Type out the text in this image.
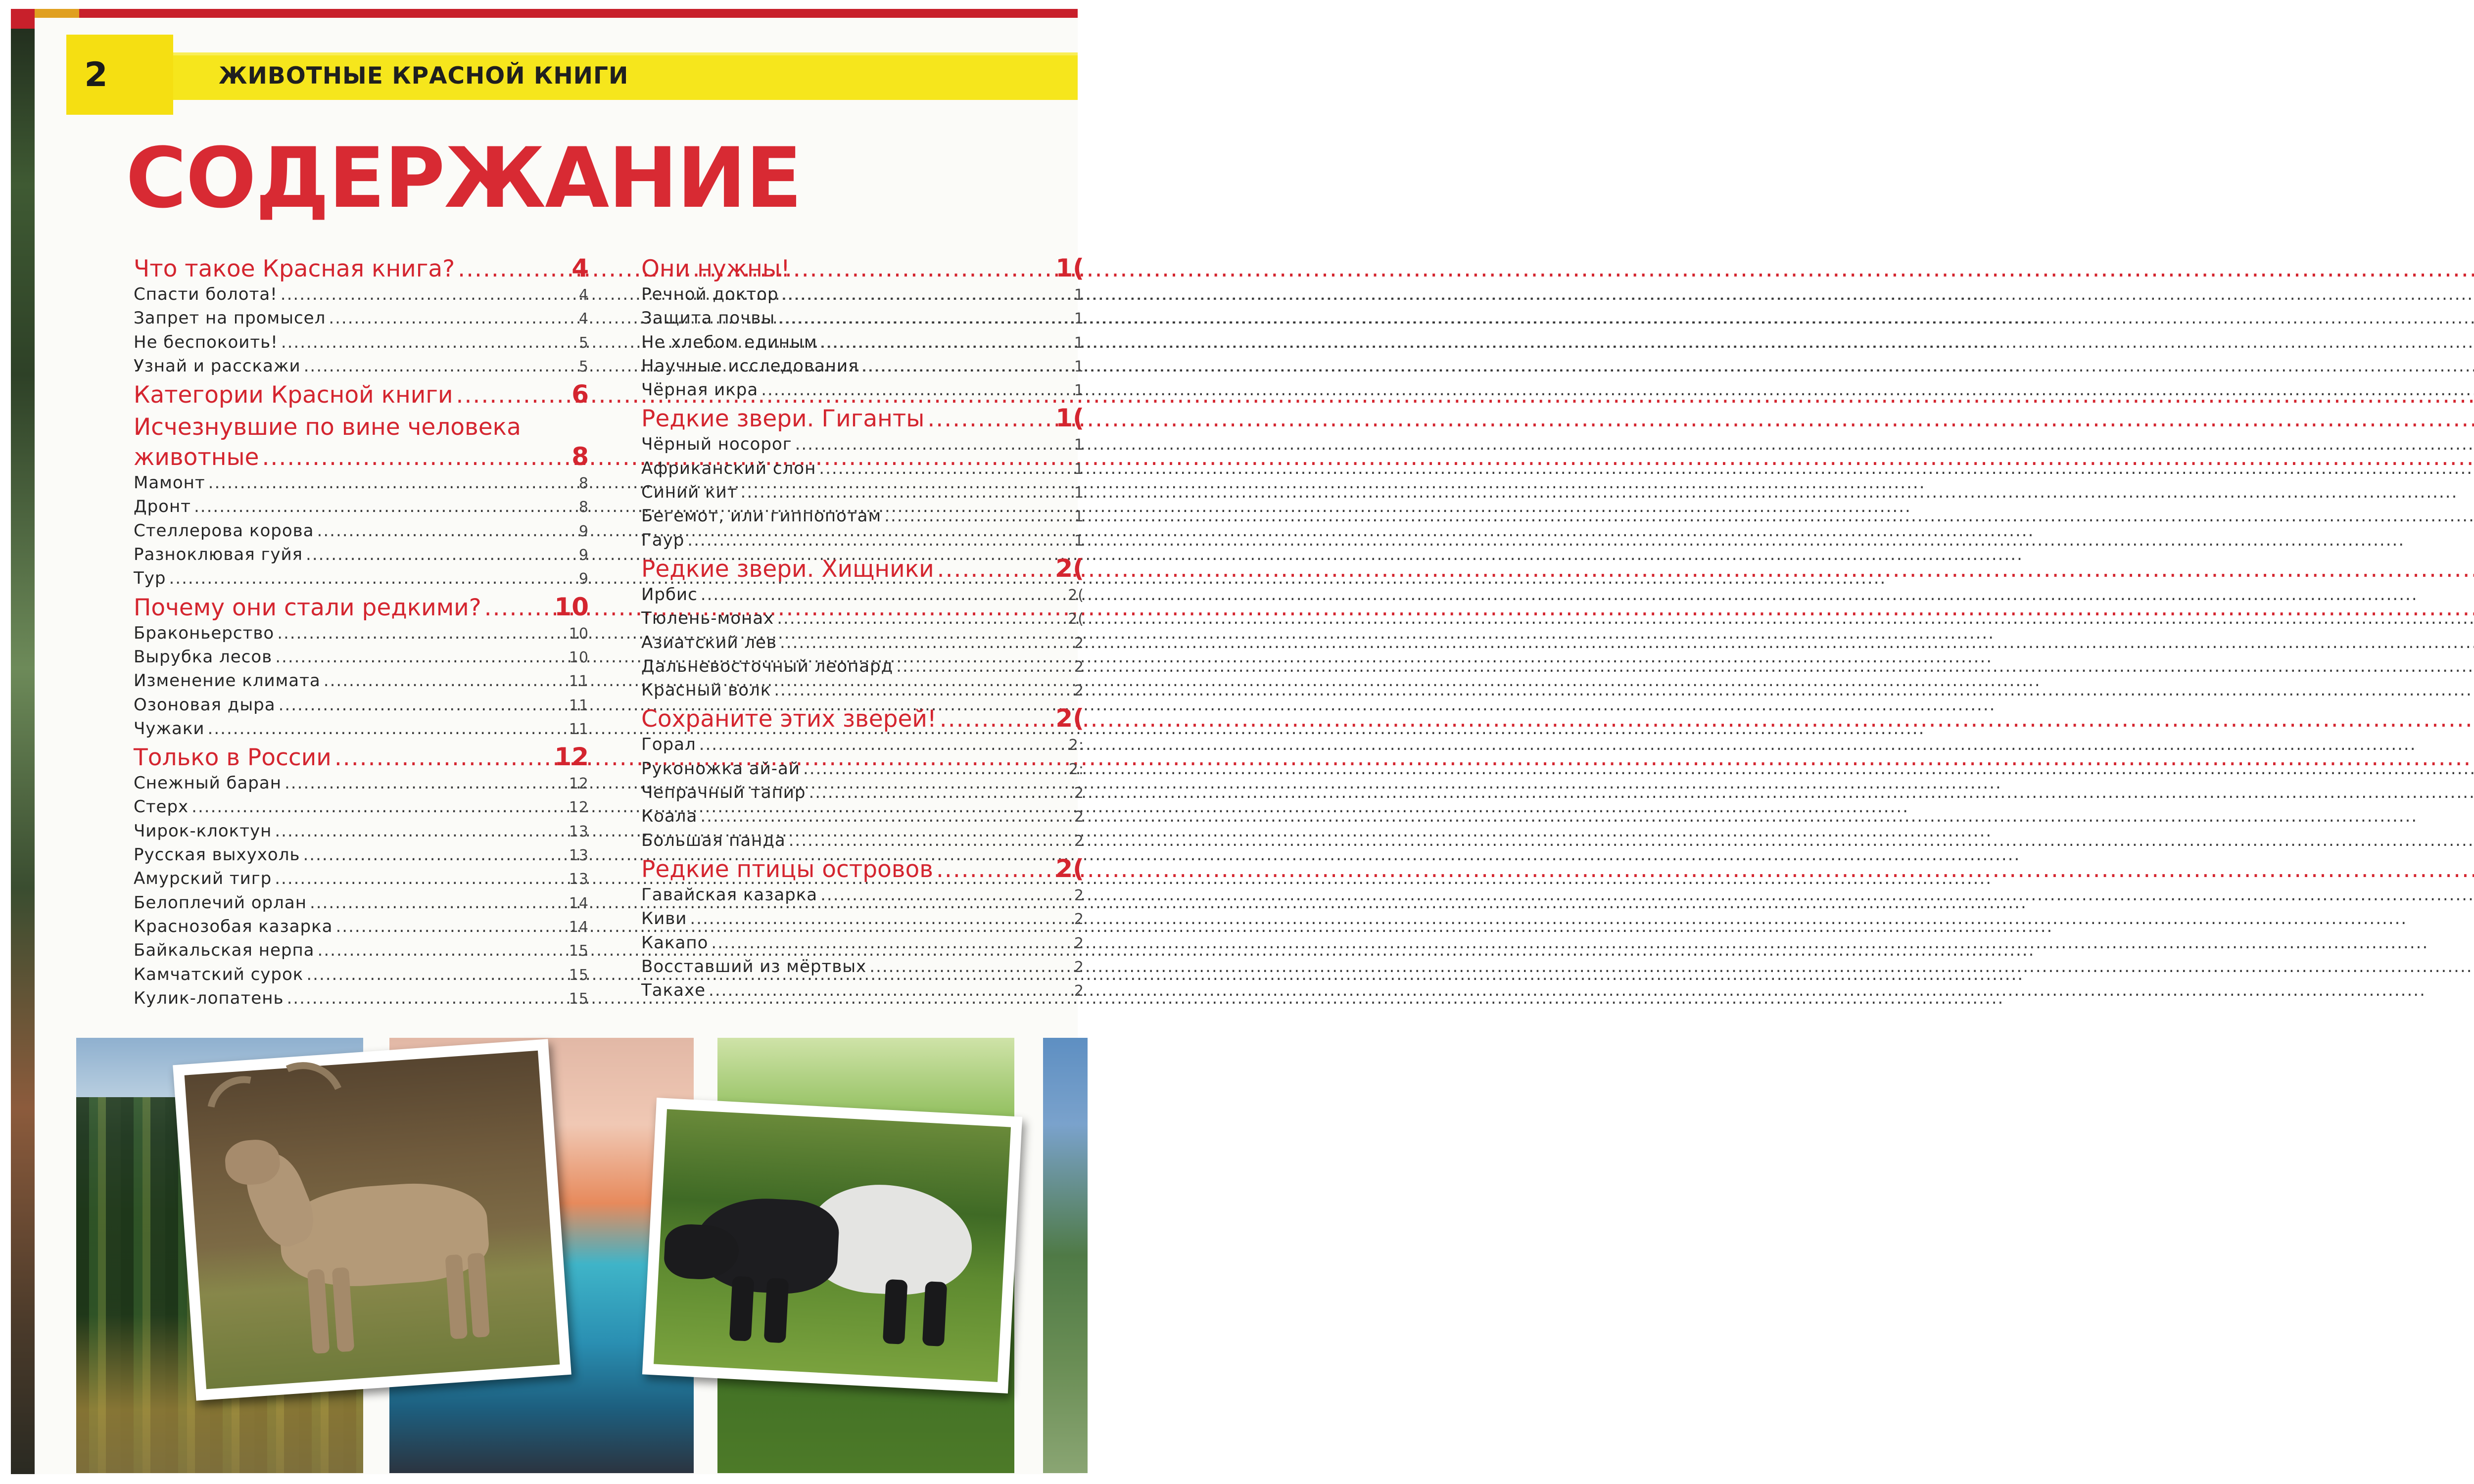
2	ЖИВОТНЫЕ КРАСНОЙ КНИГИ
СОДЕРЖАНИЕ
Что такое Красная книга? .....	4
Спасти болота! .....	4
Запрет на промысел .....	4
Не беспокоить! .....	5
Узнай и расскажи .....	5
Категории Красной книги .....	6
Исчезнувшие по вине человека
животные .....	8
Мамонт .....	8
Дронт .....	8
Стеллерова корова .....	9
Разноклювая гуйя .....	9
Тур .....	9
Почему они стали редкими? .....	10
Браконьерство .....	10
Вырубка лесов .....	10
Изменение климата .....	11
Озоновая дыра .....	11
Чужаки .....	11
Только в России .....	12
Снежный баран .....	12
Стерх .....	12
Чирок-клоктун .....	13
Русская выхухоль .....	13
Амурский тигр .....	13
Белоплечий орлан .....	14
Краснозобая казарка .....	14
Байкальская нерпа .....	15
Камчатский сурок .....	15
Кулик-лопатень .....	15
Они нужны! .....	1(
Речной доктор .....	1
Защита почвы .....	1
Не хлебом единым .....	1
Научные исследования .....	1
Чёрная икра .....	1
Редкие звери. Гиганты .....	1(
Чёрный носорог .....	1
Африканский слон .....	1
Синий кит .....	1
Бегемот, или гиппопотам .....	1
Гаур .....	1
Редкие звери. Хищники .....	2(
Ирбис .....	2(
Тюлень-монах .....	2(
Азиатский лев .....	2
Дальневосточный леопард .....	2
Красный волк .....	2
Сохраните этих зверей! .....	2(
Горал .....	2:
Руконожка ай-ай .....	2:
Чепрачный тапир .....	2
Коала .....	2
Большая панда .....	2
Редкие птицы островов .....	2(
Гавайская казарка .....	2
Киви .....	2
Какапо .....	2
Восставший из мёртвых .....	2
Такахе .....	2
